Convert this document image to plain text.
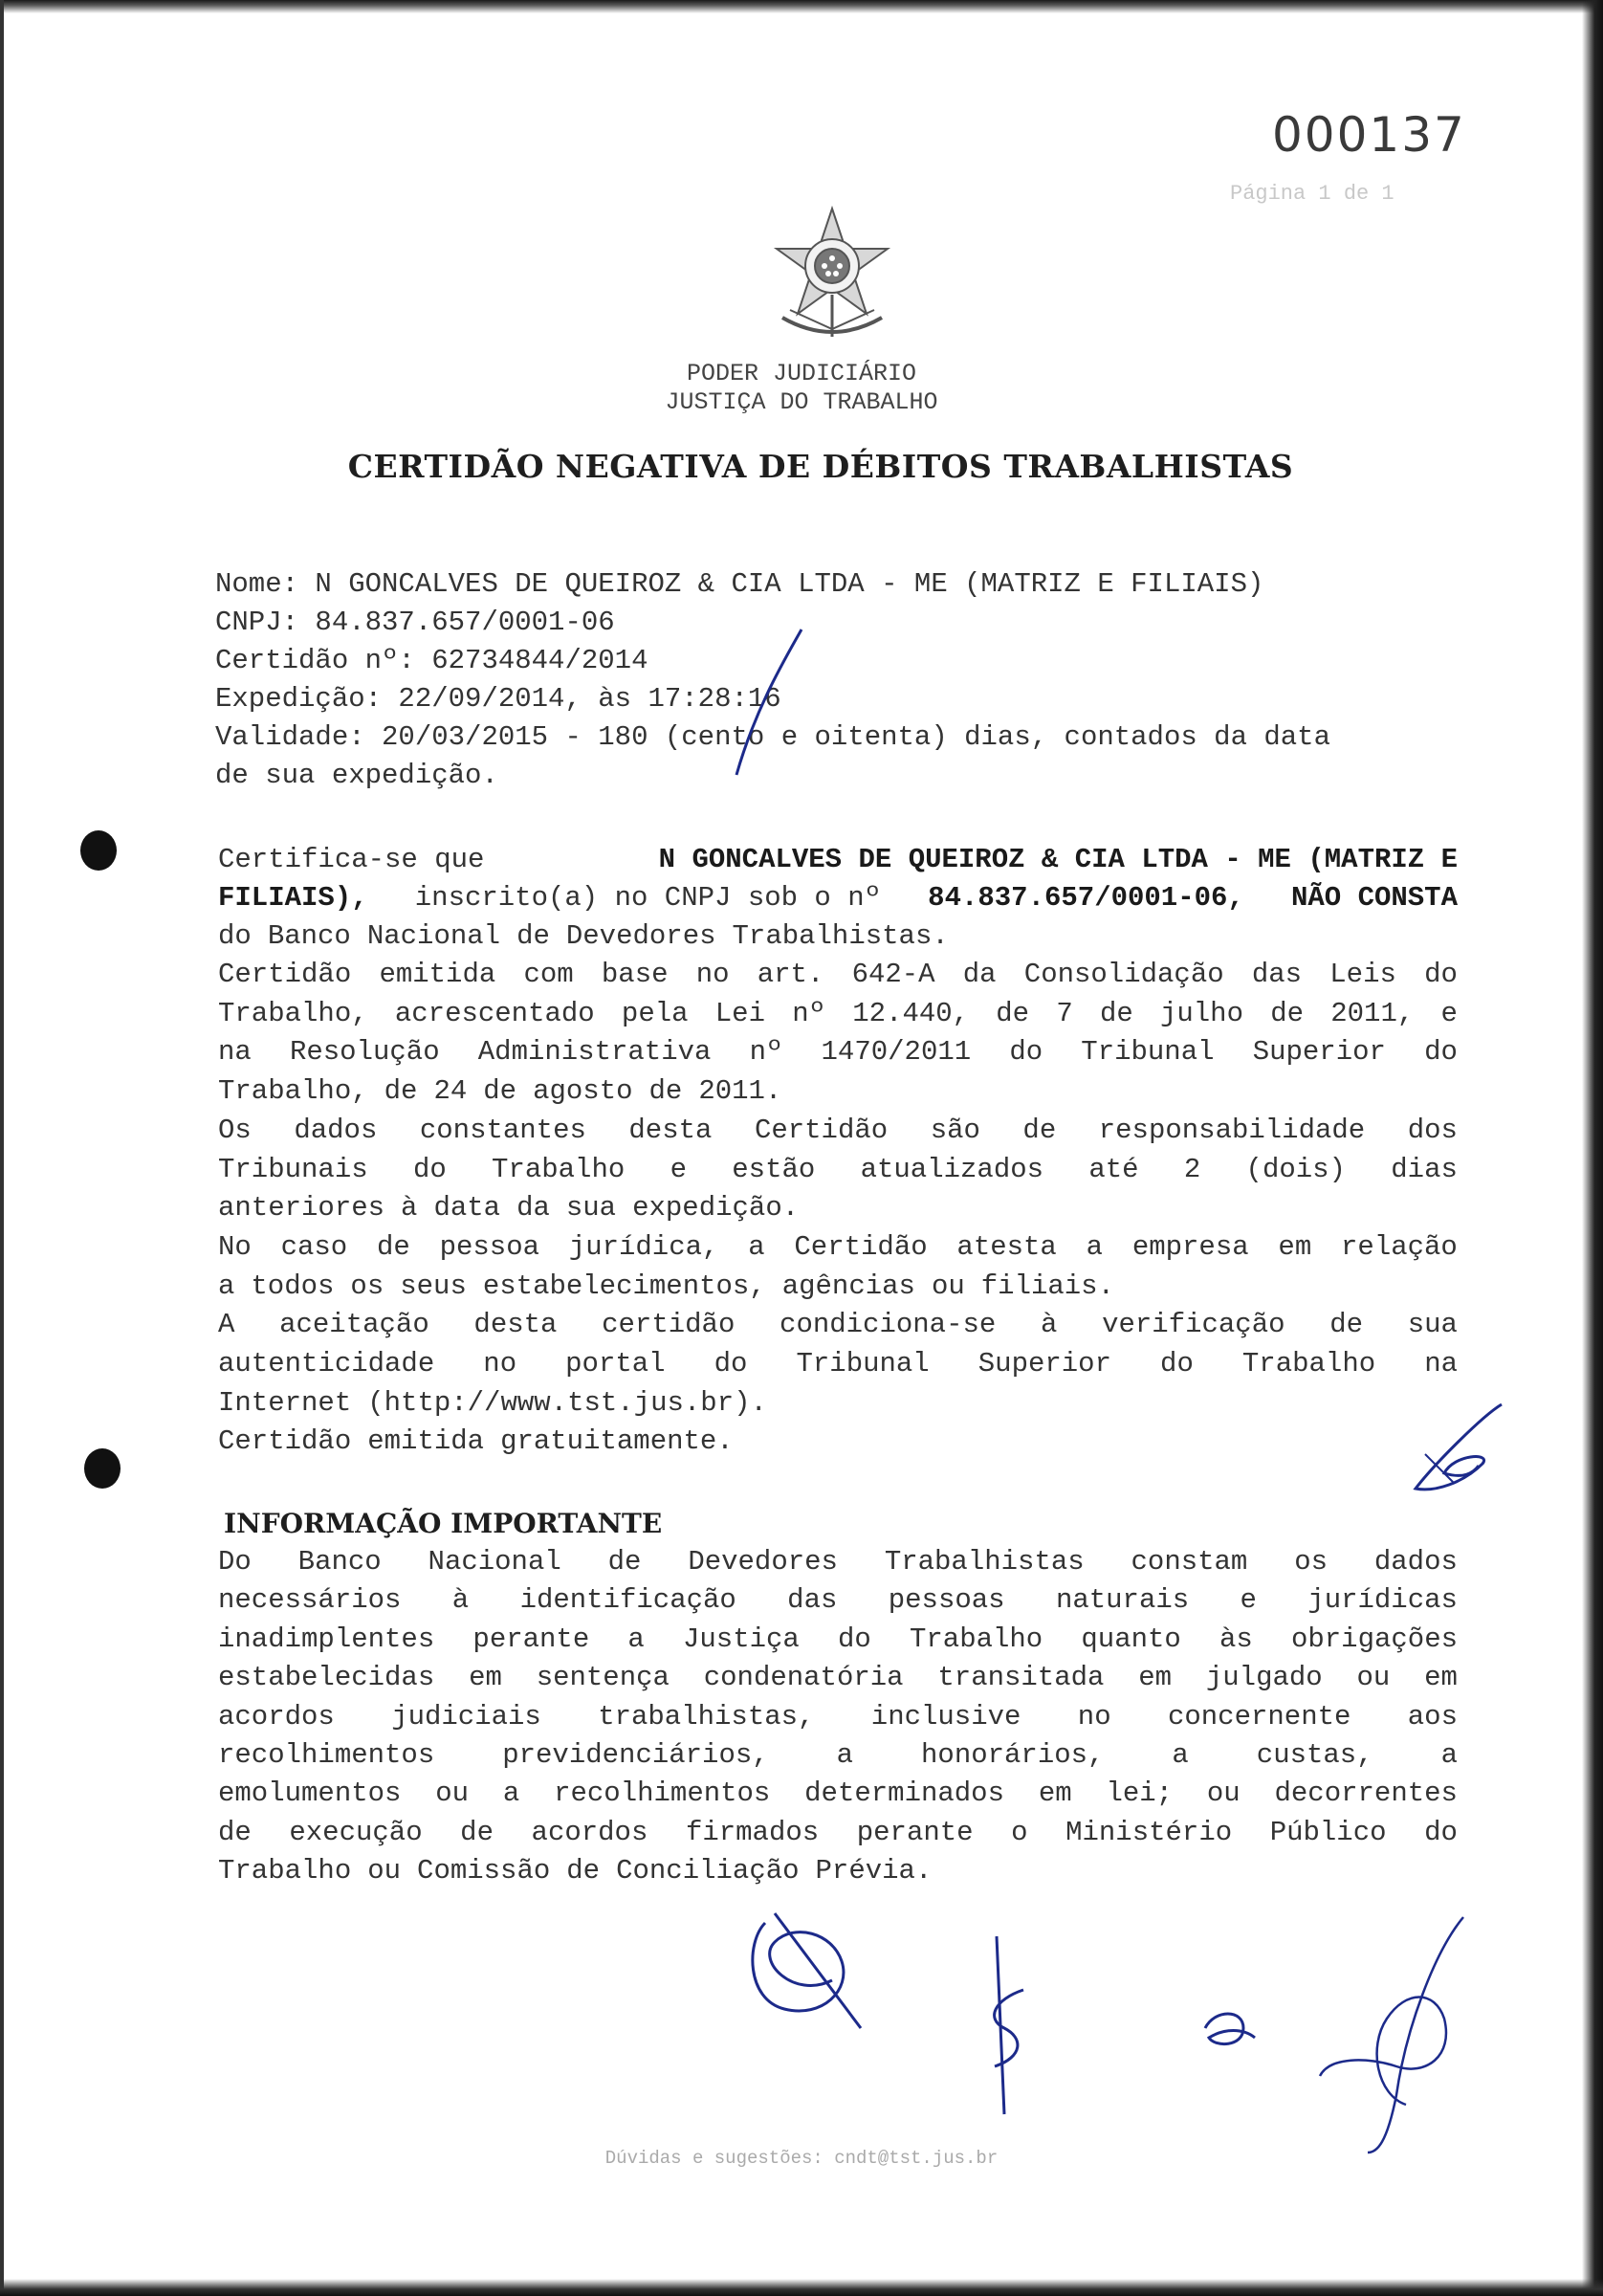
000137
Página 1 de 1
PODER JUDICIÁRIO
JUSTIÇA DO TRABALHO
CERTIDÃO NEGATIVA DE DÉBITOS TRABALHISTAS
Nome: N GONCALVES DE QUEIROZ & CIA LTDA - ME (MATRIZ E FILIAIS)
CNPJ: 84.837.657/0001-06
Certidão nº: 62734844/2014
Expedição: 22/09/2014, às 17:28:16
Validade: 20/03/2015 - 180 (cento e oitenta) dias, contados da data
de sua expedição.
Certifica-se que	N GONCALVES DE QUEIROZ & CIA LTDA - ME (MATRIZ E
FILIAIS), inscrito(a) no CNPJ sob o nº 84.837.657/0001-06, NÃO CONSTA
do Banco Nacional de Devedores Trabalhistas.
Certidão emitida com base no art. 642-A da Consolidação das Leis do
Trabalho, acrescentado pela Lei nº 12.440, de 7 de julho de 2011, e
na Resolução Administrativa nº 1470/2011 do Tribunal Superior do
Trabalho, de 24 de agosto de 2011.
Os dados constantes desta Certidão são de responsabilidade dos
Tribunais do Trabalho e estão atualizados até 2 (dois) dias
anteriores à data da sua expedição.
No caso de pessoa jurídica, a Certidão atesta a empresa em relação
a todos os seus estabelecimentos, agências ou filiais.
A aceitação desta certidão condiciona-se à verificação de sua
autenticidade no portal do Tribunal Superior do Trabalho na
Internet (http://www.tst.jus.br).
Certidão emitida gratuitamente.
INFORMAÇÃO IMPORTANTE
Do Banco Nacional de Devedores Trabalhistas constam os dados
necessários à identificação das pessoas naturais e jurídicas
inadimplentes perante a Justiça do Trabalho quanto às obrigações
estabelecidas em sentença condenatória transitada em julgado ou em
acordos judiciais trabalhistas, inclusive no concernente aos
recolhimentos previdenciários, a honorários, a custas, a
emolumentos ou a recolhimentos determinados em lei; ou decorrentes
de execução de acordos firmados perante o Ministério Público do
Trabalho ou Comissão de Conciliação Prévia.
Dúvidas e sugestões: cndt@tst.jus.br
